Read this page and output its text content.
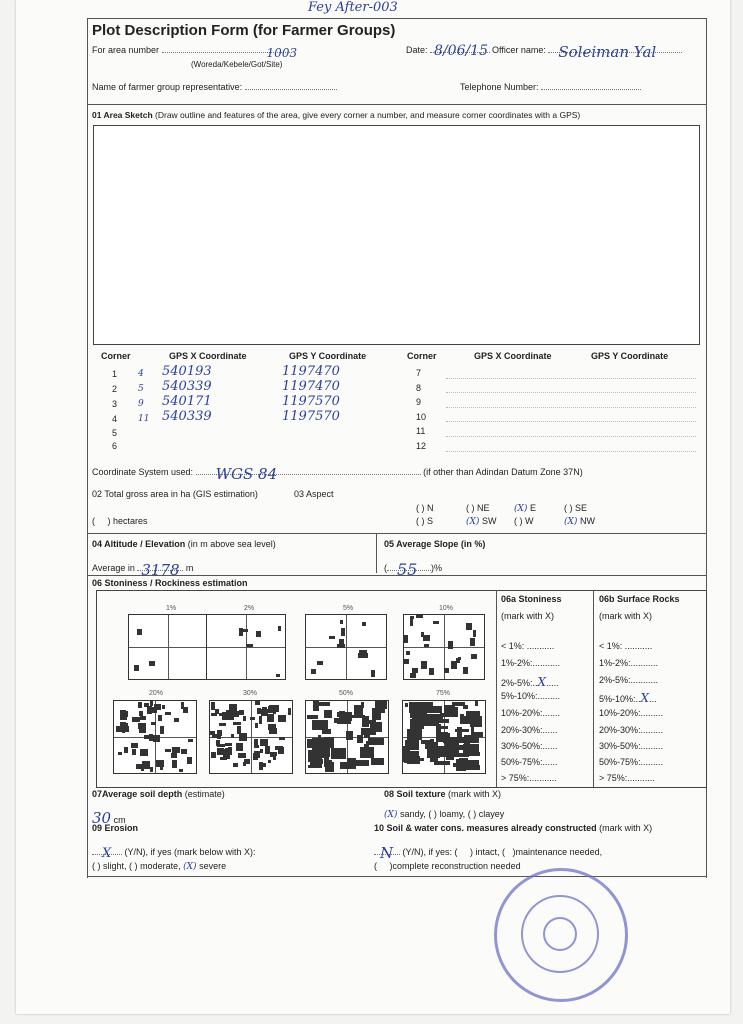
Fey After-003
Plot Description Form (for Farmer Groups)
For area number	1003
(Woreda/Kebele/Got/Site)
Date: 8/06/15 Officer name: Soleiman Yal
Name of farmer group representative:	Telephone Number:
01 Area Sketch (Draw outline and features of the area, give every corner a number, and measure corner coordinates with a GPS)
Corner	GPS X Coordinate	GPS Y Coordinate	Corner	GPS X Coordinate	GPS Y Coordinate
1	4	540193	1197470
2	5	540339	1197470
3	9	540171	1197570
4	11	540339	1197570
5			
6			
7	
8	
9	
10	
11	
12	
Coordinate System used: WGS 84	(if other than Adindan Datum Zone 37N)
02 Total gross area in ha (GIS estimation)	03 Aspect
(     ) hectares
( ) N	( ) NE	(X) E	( ) SE
( ) S	(X) SW ( ) W	(X) NW
04 Altitude / Elevation (in m above sea level)
Average in 3178 m
05 Average Slope (in %)
( 55 )%
06 Stoniness / Rockiness estimation
1%	2%	5%	10%
20%	30%	50%	75%
06a Stoniness
(mark with X)
06b Surface Rocks
(mark with X)
< 1%: ...........
1%-2%:...........
2%-5%:..X.....
5%-10%:.........
10%-20%:.......
20%-30%:......
30%-50%:......
50%-75%:......
> 75%:...........
< 1%: ...........
1%-2%:...........
2%-5%:...........
5%-10%:..X...
10%-20%:.........
20%-30%:.........
30%-50%:.........
50%-75%:.........
> 75%:...........
07Average soil depth (estimate)
30 cm
08 Soil texture (mark with X)
(X) sandy, ( ) loamy, ( ) clayey
09 Erosion
X (Y/N), if yes (mark below with X):
( ) slight, ( ) moderate, (X) severe
10 Soil & water cons. measures already constructed (mark with X)
N (Y/N), if yes: (     ) intact, (   )maintenance needed,
(     )complete reconstruction needed
